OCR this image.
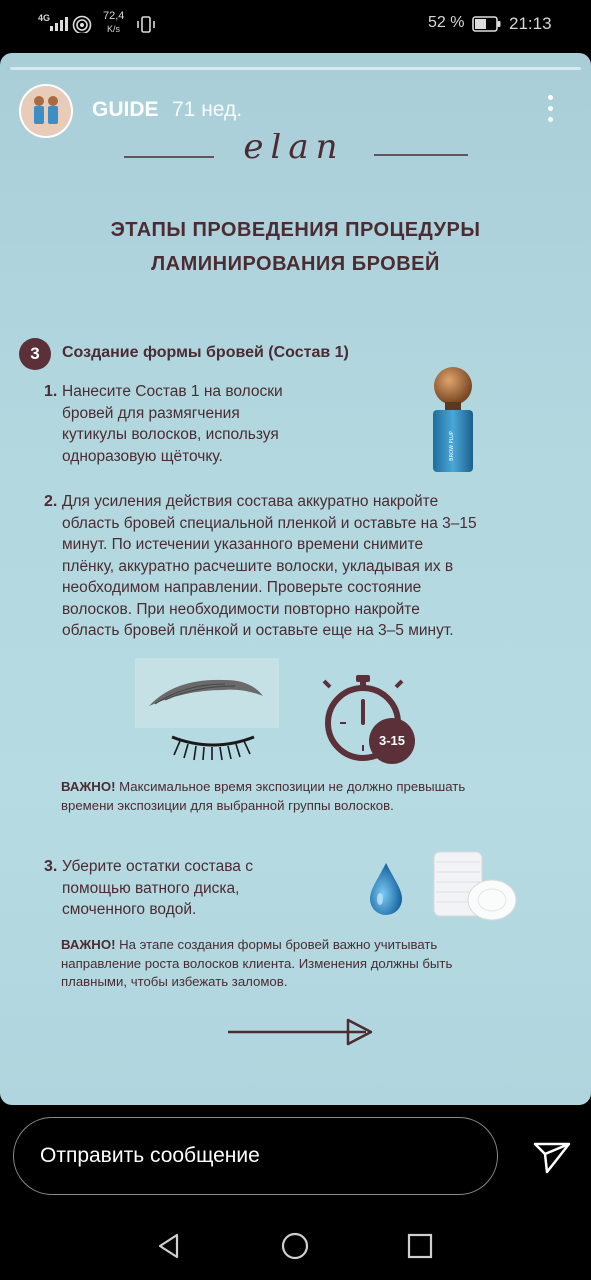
4G	72,4
K/s	52 %	21:13
GUIDE 71 нед.
elan
ЭТАПЫ ПРОВЕДЕНИЯ ПРОЦЕДУРЫ
ЛАМИНИРОВАНИЯ БРОВЕЙ
3	Создание формы бровей (Состав 1)
1. Нанесите Состав 1 на волоски
бровей для размягчения
кутикулы волосков, используя
одноразовую щёточку.	BROW PLUP
2. Для усиления действия состава аккуратно накройте
область бровей специальной пленкой и оставьте на 3–15
минут. По истечении указанного времени снимите
плёнку, аккуратно расчешите волоски, укладывая их в
необходимом направлении. Проверьте состояние
волосков. При необходимости повторно накройте
область бровей плёнкой и оставьте еще на 3–5 минут.
3-15
ВАЖНО! Максимальное время экспозиции не должно превышать
времени экспозиции для выбранной группы волосков.
3. Уберите остатки состава с
помощью ватного диска,
смоченного водой.
ВАЖНО! На этапе создания формы бровей важно учитывать
направление роста волосков клиента. Изменения должны быть
плавными, чтобы избежать заломов.
Отправить сообщение
